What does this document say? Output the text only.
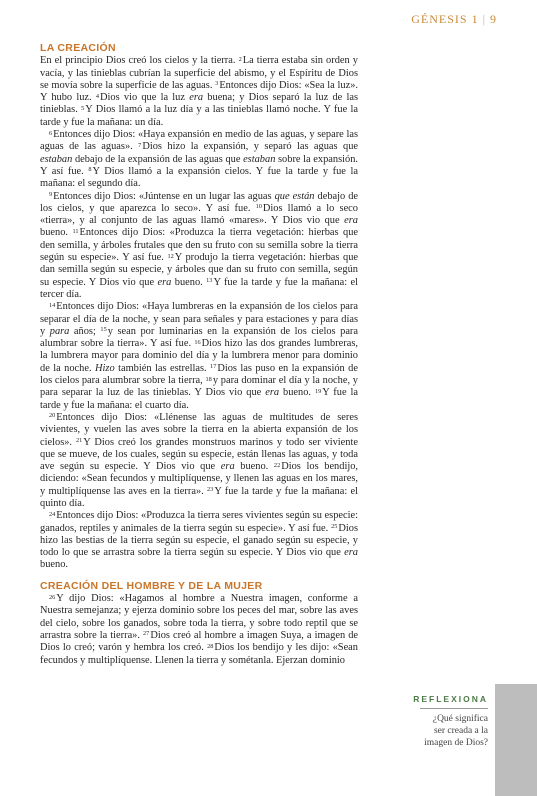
GÉNESIS 1 | 9
LA CREACIÓN

En el principio Dios creó los cielos y la tierra. $^2$La tierra estaba sin orden y vacía, y las tinieblas cubrían la superficie del abismo, y el Espíritu de Dios se movía sobre la superficie de las aguas. $^3$Entonces dijo Dios: «Sea la luz». Y hubo luz. $^4$Dios vio que la luz era buena; y Dios separó la luz de las tinieblas. $^5$Y Dios llamó a la luz día y a las tinieblas llamó noche. Y fue la tarde y fue la mañana: un día.

$^6$Entonces dijo Dios: «Haya expansión en medio de las aguas, y separe las aguas de las aguas». $^7$Dios hizo la expansión, y separó las aguas que estaban debajo de la expansión de las aguas que estaban sobre la expansión. Y así fue. $^8$Y Dios llamó a la expansión cielos. Y fue la tarde y fue la mañana: el segundo día.

$^9$Entonces dijo Dios: «Júntense en un lugar las aguas que están debajo de los cielos, y que aparezca lo seco». Y así fue. $^{10}$Dios llamó a lo seco «tierra», y al conjunto de las aguas llamó «mares». Y Dios vio que era bueno. $^{11}$Entonces dijo Dios: «Produzca la tierra vegetación: hierbas que den semilla, y árboles frutales que den su fruto con su semilla sobre la tierra según su especie». Y así fue. $^{12}$Y produjo la tierra vegetación: hierbas que dan semilla según su especie, y árboles que dan su fruto con semilla, según su especie. Y Dios vio que era bueno. $^{13}$Y fue la tarde y fue la mañana: el tercer día.

$^{14}$Entonces dijo Dios: «Haya lumbreras en la expansión de los cielos para separar el día de la noche, y sean para señales y para estaciones y para días y para años; $^{15}$y sean por luminarias en la expansión de los cielos para alumbrar sobre la tierra». Y así fue. $^{16}$Dios hizo las dos grandes lumbreras, la lumbrera mayor para dominio del día y la lumbrera menor para dominio de la noche. Hizo también las estrellas. $^{17}$Dios las puso en la expansión de los cielos para alumbrar sobre la tierra, $^{18}$y para dominar el día y la noche, y para separar la luz de las tinieblas. Y Dios vio que era bueno. $^{19}$Y fue la tarde y fue la mañana: el cuarto día.

$^{20}$Entonces dijo Dios: «Llénense las aguas de multitudes de seres vivientes, y vuelen las aves sobre la tierra en la abierta expansión de los cielos». $^{21}$Y Dios creó los grandes monstruos marinos y todo ser viviente que se mueve, de los cuales, según su especie, están llenas las aguas, y toda ave según su especie. Y Dios vio que era bueno. $^{22}$Dios los bendijo, diciendo: «Sean fecundos y multiplíquense, y llenen las aguas en los mares, y multiplíquense las aves en la tierra». $^{23}$Y fue la tarde y fue la mañana: el quinto día.

$^{24}$Entonces dijo Dios: «Produzca la tierra seres vivientes según su especie: ganados, reptiles y animales de la tierra según su especie». Y así fue. $^{25}$Dios hizo las bestias de la tierra según su especie, el ganado según su especie, y todo lo que se arrastra sobre la tierra según su especie. Y Dios vio que era bueno.

CREACIÓN DEL HOMBRE Y DE LA MUJER

$^{26}$Y dijo Dios: «Hagamos al hombre a Nuestra imagen, conforme a Nuestra semejanza; y ejerza dominio sobre los peces del mar, sobre las aves del cielo, sobre los ganados, sobre toda la tierra, y sobre todo reptil que se arrastra sobre la tierra». $^{27}$Dios creó al hombre a imagen Suya, a imagen de Dios lo creó; varón y hembra los creó. $^{28}$Dios los bendijo y les dijo: «Sean fecundos y multiplíquense. Llenen la tierra y sométanla. Ejerzan dominio

REFLEXIONA
¿Qué significa
ser creada a la
imagen de Dios?
